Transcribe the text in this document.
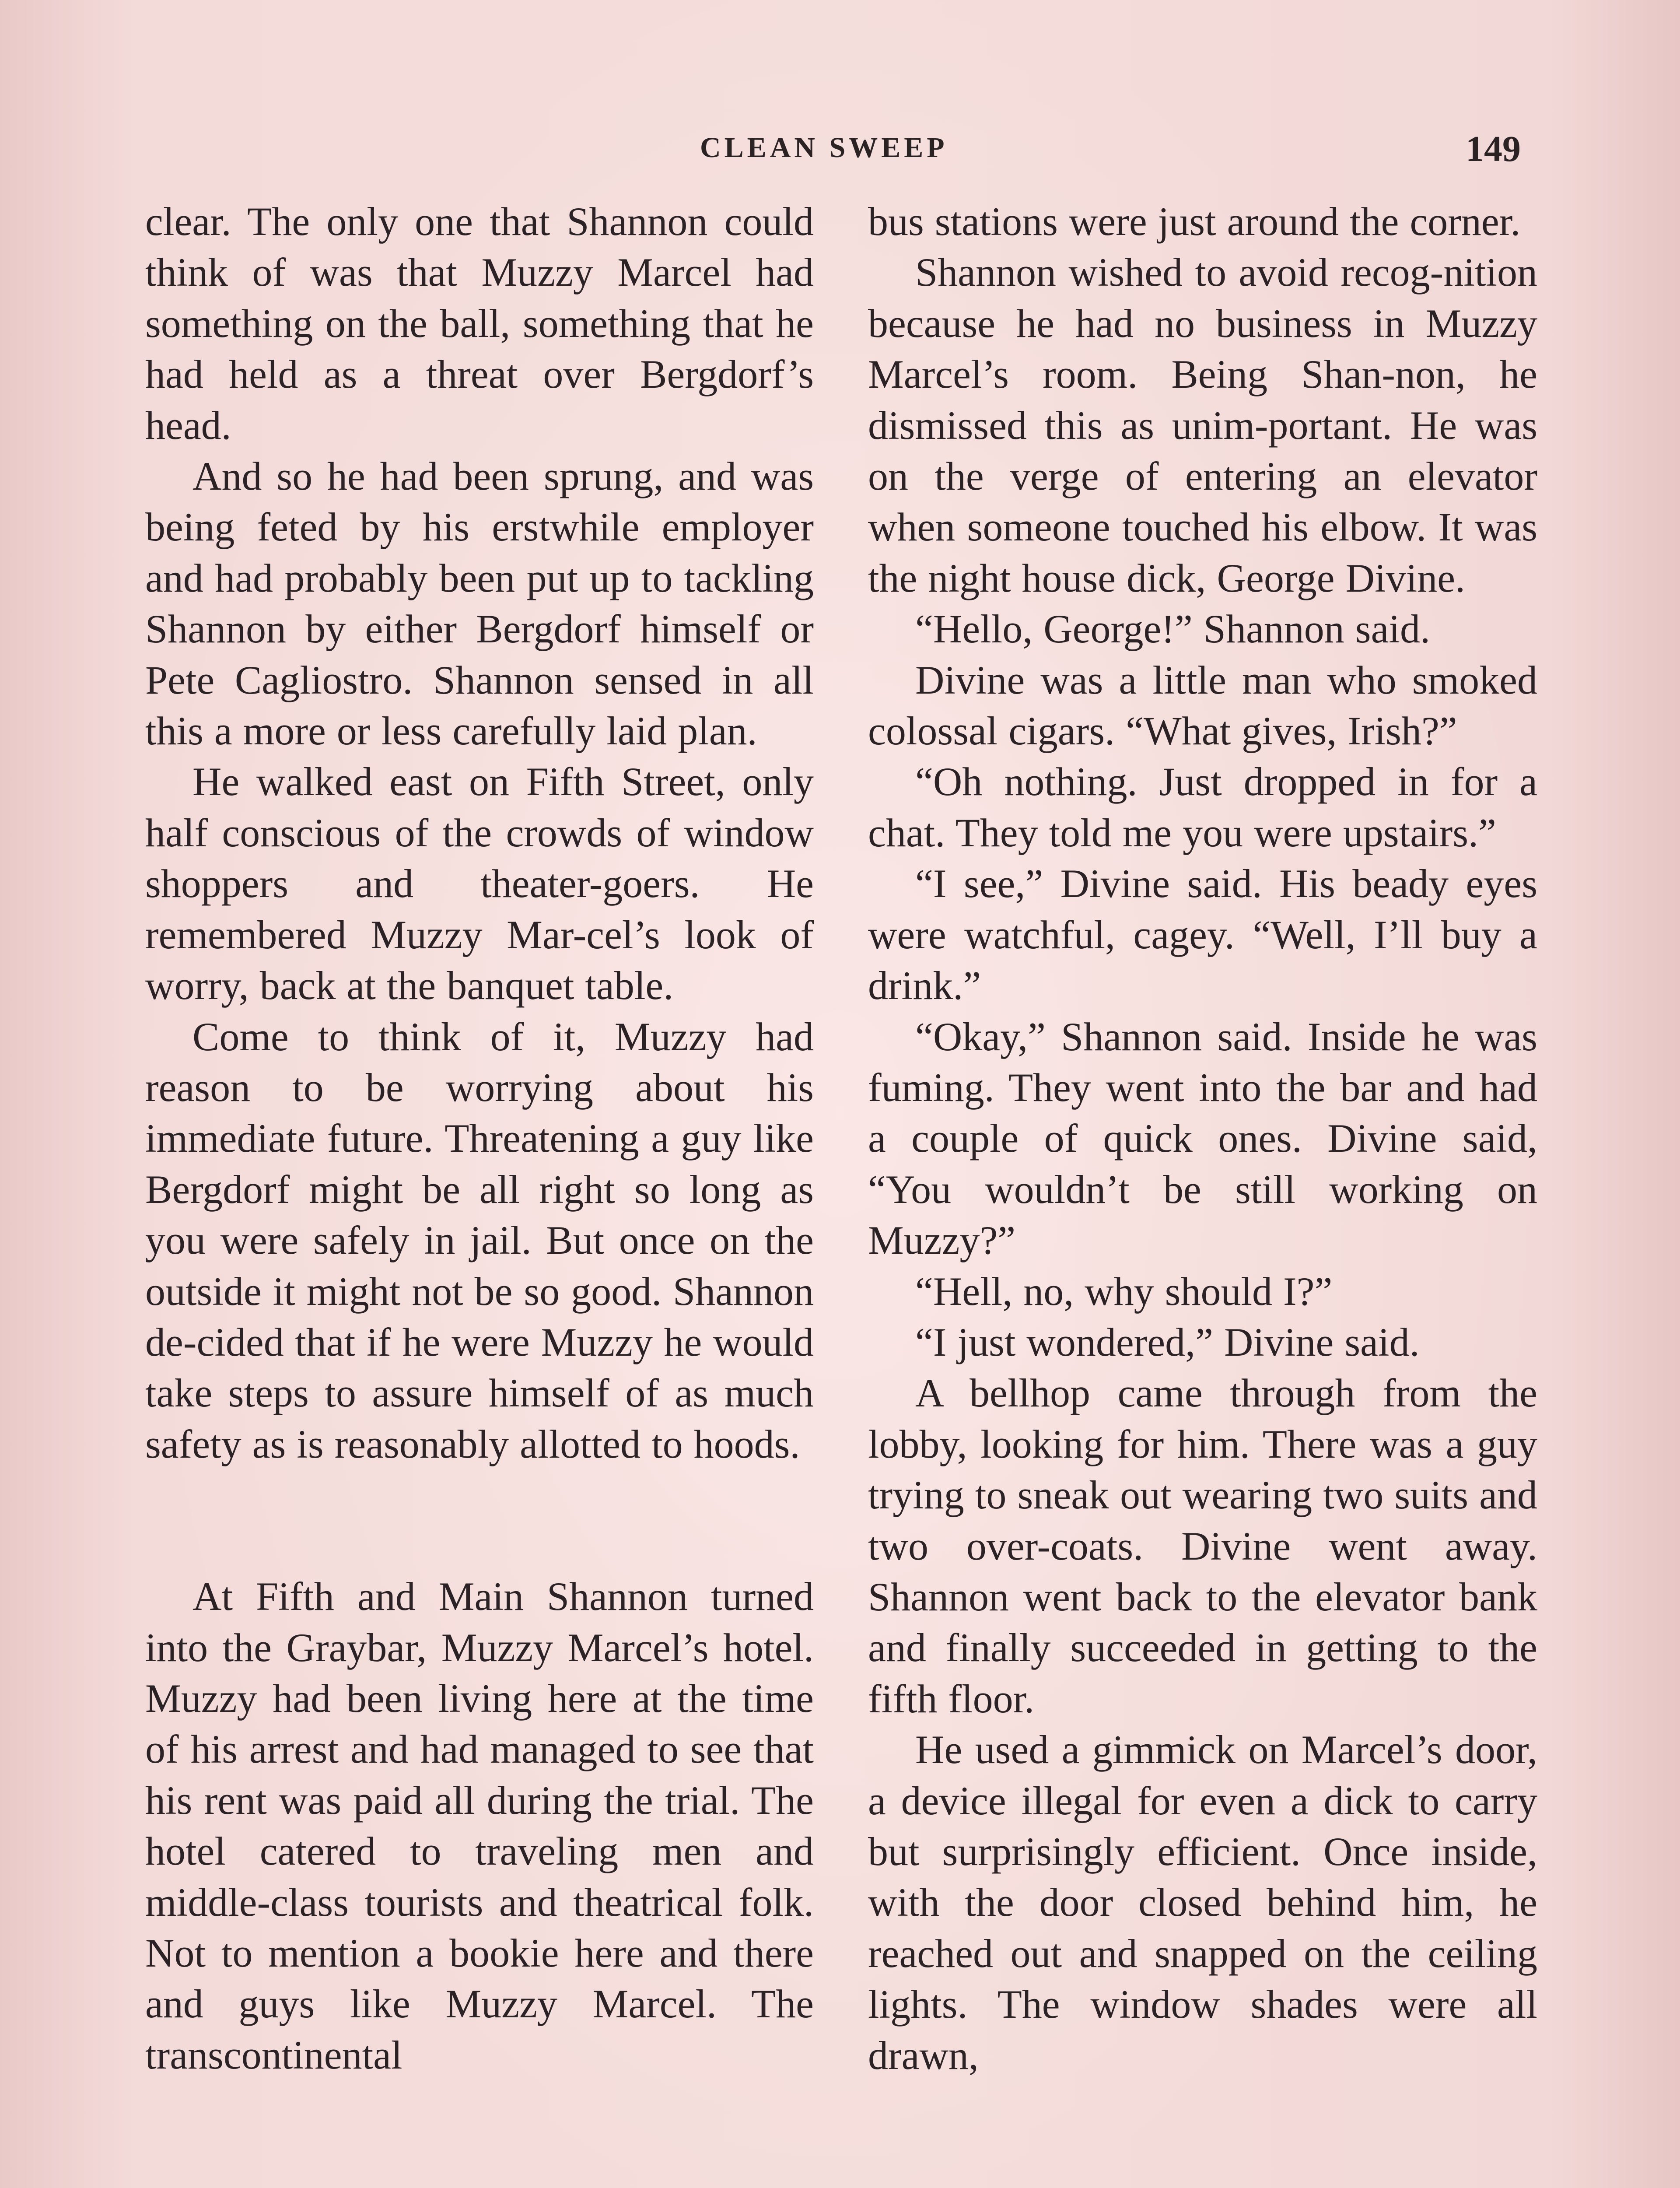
CLEAN SWEEP	149

clear. The only one that Shannon could think of was that Muzzy Marcel had something on the ball, something that he had held as a threat over Bergdorf’s head.

And so he had been sprung, and was being feted by his erstwhile employer and had probably been put up to tackling Shannon by either Bergdorf himself or Pete Cagliostro. Shannon sensed in all this a more or less carefully laid plan.

He walked east on Fifth Street, only half conscious of the crowds of window shoppers and theater-goers. He remembered Muzzy Mar-cel’s look of worry, back at the banquet table.

Come to think of it, Muzzy had reason to be worrying about his immediate future. Threatening a guy like Bergdorf might be all right so long as you were safely in jail. But once on the outside it might not be so good. Shannon de-cided that if he were Muzzy he would take steps to assure himself of as much safety as is reasonably allotted to hoods.

At Fifth and Main Shannon turned into the Graybar, Muzzy Marcel’s hotel. Muzzy had been living here at the time of his arrest and had managed to see that his rent was paid all during the trial. The hotel catered to traveling men and middle-class tourists and theatrical folk. Not to mention a bookie here and there and guys like Muzzy Marcel. The transcontinental

bus stations were just around the corner.

Shannon wished to avoid recog-nition because he had no business in Muzzy Marcel’s room. Being Shan-non, he dismissed this as unim-portant. He was on the verge of entering an elevator when someone touched his elbow. It was the night house dick, George Divine.

“Hello, George!” Shannon said.

Divine was a little man who smoked colossal cigars. “What gives, Irish?”

“Oh nothing. Just dropped in for a chat. They told me you were upstairs.”

“I see,” Divine said. His beady eyes were watchful, cagey. “Well, I’ll buy a drink.”

“Okay,” Shannon said. Inside he was fuming. They went into the bar and had a couple of quick ones. Divine said, “You wouldn’t be still working on Muzzy?”

“Hell, no, why should I?”

“I just wondered,” Divine said.

A bellhop came through from the lobby, looking for him. There was a guy trying to sneak out wearing two suits and two over-coats. Divine went away. Shannon went back to the elevator bank and finally succeeded in getting to the fifth floor.

He used a gimmick on Marcel’s door, a device illegal for even a dick to carry but surprisingly efficient. Once inside, with the door closed behind him, he reached out and snapped on the ceiling lights. The window shades were all drawn,
